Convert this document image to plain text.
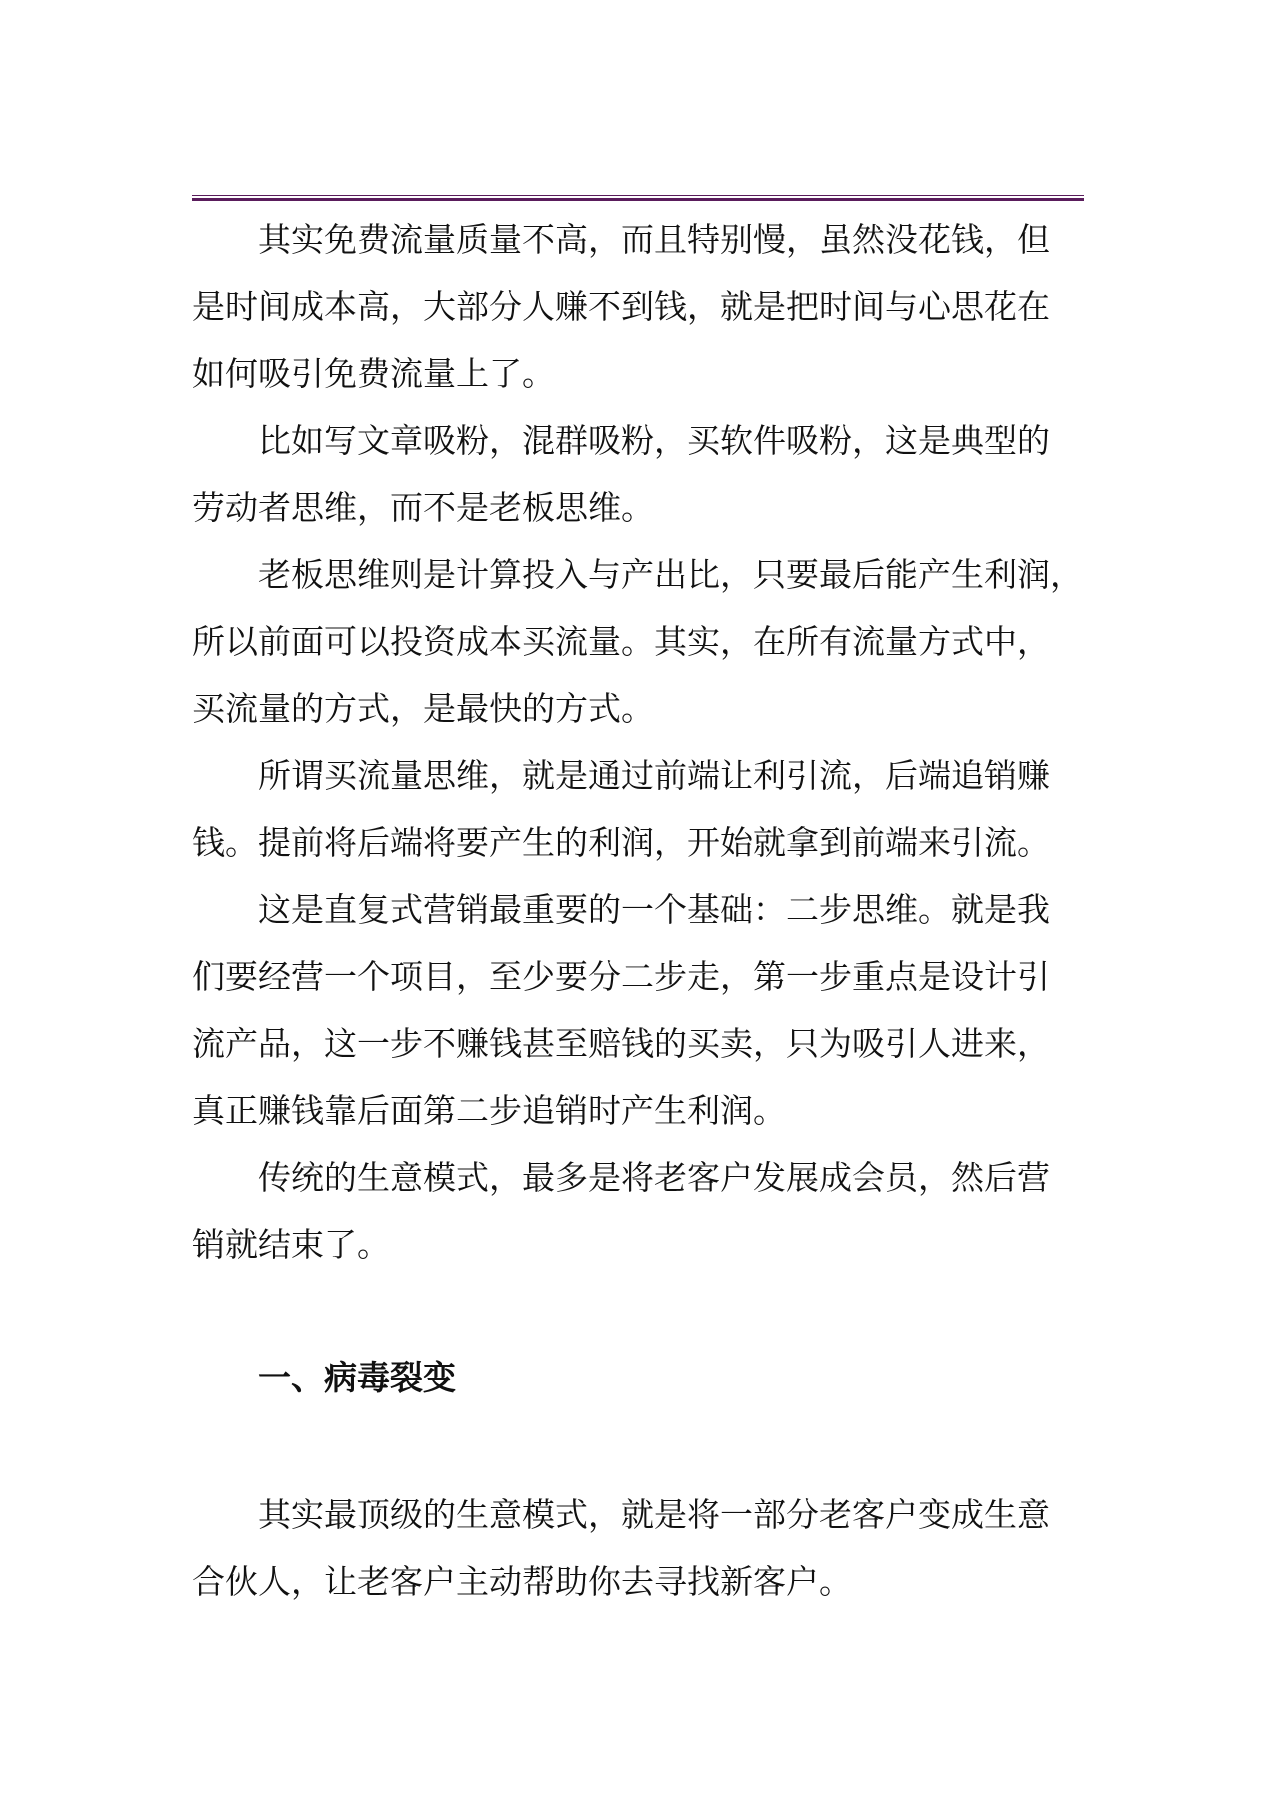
其实免费流量质量不高，而且特别慢，虽然没花钱，但
是时间成本高，大部分人赚不到钱，就是把时间与心思花在
如何吸引免费流量上了。

比如写文章吸粉，混群吸粉，买软件吸粉，这是典型的
劳动者思维，而不是老板思维。

老板思维则是计算投入与产出比，只要最后能产生利润，
所以前面可以投资成本买流量。其实，在所有流量方式中，
买流量的方式，是最快的方式。

所谓买流量思维，就是通过前端让利引流，后端追销赚
钱。提前将后端将要产生的利润，开始就拿到前端来引流。

这是直复式营销最重要的一个基础：二步思维。就是我
们要经营一个项目，至少要分二步走，第一步重点是设计引
流产品，这一步不赚钱甚至赔钱的买卖，只为吸引人进来，
真正赚钱靠后面第二步追销时产生利润。

传统的生意模式，最多是将老客户发展成会员，然后营
销就结束了。

一、病毒裂变

其实最顶级的生意模式，就是将一部分老客户变成生意
合伙人，让老客户主动帮助你去寻找新客户。
